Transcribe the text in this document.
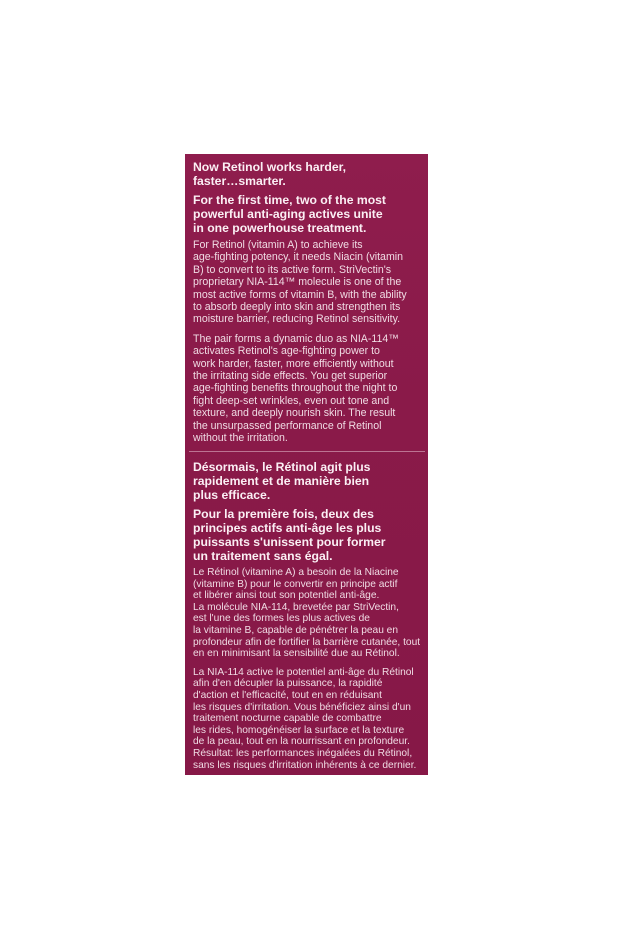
Now Retinol works harder,
faster…smarter.

For the first time, two of the most
powerful anti-aging actives unite
in one powerhouse treatment.

For Retinol (vitamin A) to achieve its
age-fighting potency, it needs Niacin (vitamin
B) to convert to its active form. StriVectin's
proprietary NIA-114™ molecule is one of the
most active forms of vitamin B, with the ability
to absorb deeply into skin and strengthen its
moisture barrier, reducing Retinol sensitivity.

The pair forms a dynamic duo as NIA-114™
activates Retinol's age-fighting power to
work harder, faster, more efficiently without
the irritating side effects. You get superior
age-fighting benefits throughout the night to
fight deep-set wrinkles, even out tone and
texture, and deeply nourish skin. The result
the unsurpassed performance of Retinol
without the irritation.

Désormais, le Rétinol agit plus
rapidement et de manière bien
plus efficace.

Pour la première fois, deux des
principes actifs anti-âge les plus
puissants s'unissent pour former
un traitement sans égal.

Le Rétinol (vitamine A) a besoin de la Niacine
(vitamine B) pour le convertir en principe actif
et libérer ainsi tout son potentiel anti-âge.
La molécule NIA-114, brevetée par StriVectin,
est l'une des formes les plus actives de
la vitamine B, capable de pénétrer la peau en
profondeur afin de fortifier la barrière cutanée, tout
en en minimisant la sensibilité due au Rétinol.

La NIA-114 active le potentiel anti-âge du Rétinol
afin d'en décupler la puissance, la rapidité
d'action et l'efficacité, tout en en réduisant
les risques d'irritation. Vous bénéficiez ainsi d'un
traitement nocturne capable de combattre
les rides, homogénéiser la surface et la texture
de la peau, tout en la nourrissant en profondeur.
Résultat: les performances inégalées du Rétinol,
sans les risques d'irritation inhérents à ce dernier.
